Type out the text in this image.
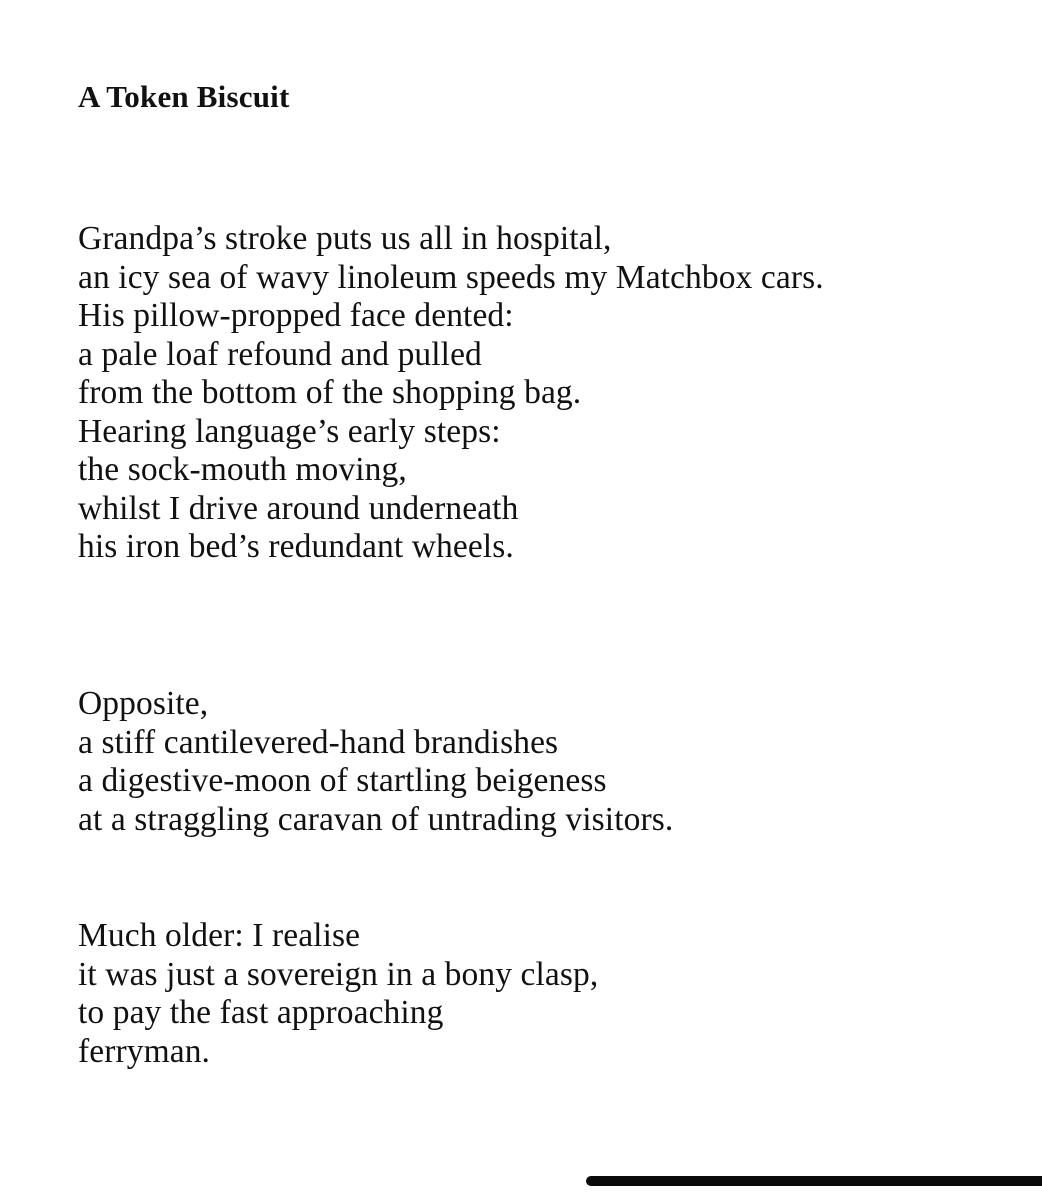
A Token Biscuit
Grandpa’s stroke puts us all in hospital,
an icy sea of wavy linoleum speeds my Matchbox cars.
His pillow-propped face dented:
a pale loaf refound and pulled
from the bottom of the shopping bag.
Hearing language’s early steps:
the sock-mouth moving,
whilst I drive around underneath
his iron bed’s redundant wheels.
Opposite,
a stiff cantilevered-hand brandishes
a digestive-moon of startling beigeness
at a straggling caravan of untrading visitors.
Much older: I realise
it was just a sovereign in a bony clasp,
to pay the fast approaching
ferryman.
